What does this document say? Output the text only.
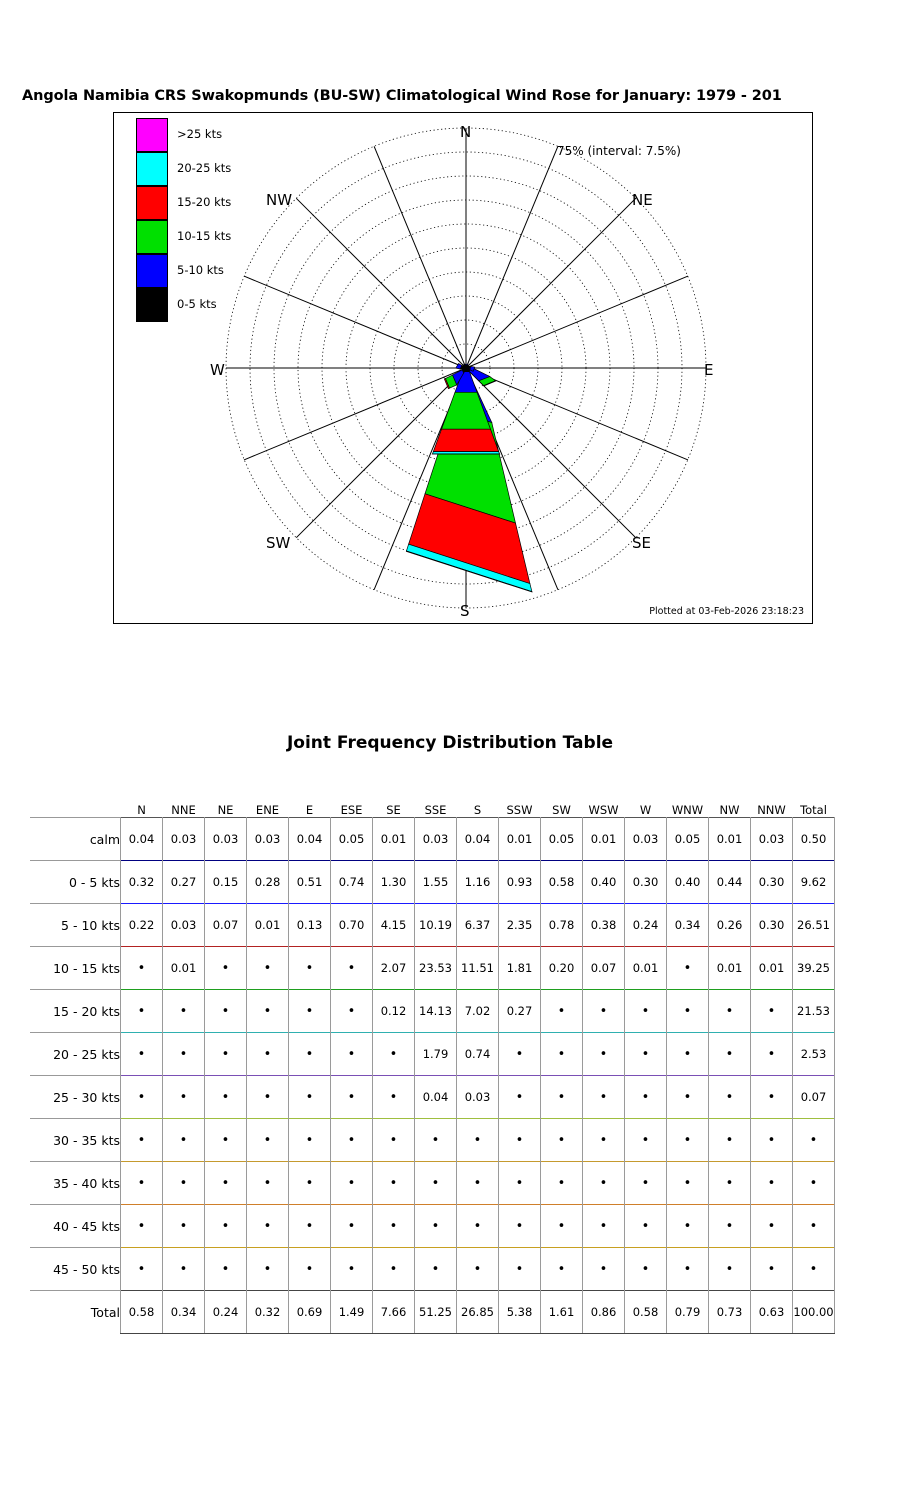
Angola Namibia CRS Swakopmunds (BU-SW) Climatological Wind Rose for January: 1979 - 201
>25 kts
20-25 kts
15-20 kts
10-15 kts
5-10 kts
0-5 kts
75% (interval: 7.5%)
Plotted at 03-Feb-2026 23:18:23
N
NE
E
SE
S
SW
W
NW
Joint Frequency Distribution Table
	N	NNE	NE	ENE	E	ESE	SE	SSE	S	SSW	SW	WSW	W	WNW	NW	NNW	Total
calm	0.04	0.03	0.03	0.03	0.04	0.05	0.01	0.03	0.04	0.01	0.05	0.01	0.03	0.05	0.01	0.03	0.50
0 - 5 kts	0.32	0.27	0.15	0.28	0.51	0.74	1.30	1.55	1.16	0.93	0.58	0.40	0.30	0.40	0.44	0.30	9.62
5 - 10 kts	0.22	0.03	0.07	0.01	0.13	0.70	4.15	10.19	6.37	2.35	0.78	0.38	0.24	0.34	0.26	0.30	26.51
10 - 15 kts	•	0.01	•	•	•	•	2.07	23.53	11.51	1.81	0.20	0.07	0.01	•	0.01	0.01	39.25
15 - 20 kts	•	•	•	•	•	•	0.12	14.13	7.02	0.27	•	•	•	•	•	•	21.53
20 - 25 kts	•	•	•	•	•	•	•	1.79	0.74	•	•	•	•	•	•	•	2.53
25 - 30 kts	•	•	•	•	•	•	•	0.04	0.03	•	•	•	•	•	•	•	0.07
30 - 35 kts	•	•	•	•	•	•	•	•	•	•	•	•	•	•	•	•	•
35 - 40 kts	•	•	•	•	•	•	•	•	•	•	•	•	•	•	•	•	•
40 - 45 kts	•	•	•	•	•	•	•	•	•	•	•	•	•	•	•	•	•
45 - 50 kts	•	•	•	•	•	•	•	•	•	•	•	•	•	•	•	•	•
Total	0.58	0.34	0.24	0.32	0.69	1.49	7.66	51.25	26.85	5.38	1.61	0.86	0.58	0.79	0.73	0.63	100.00
